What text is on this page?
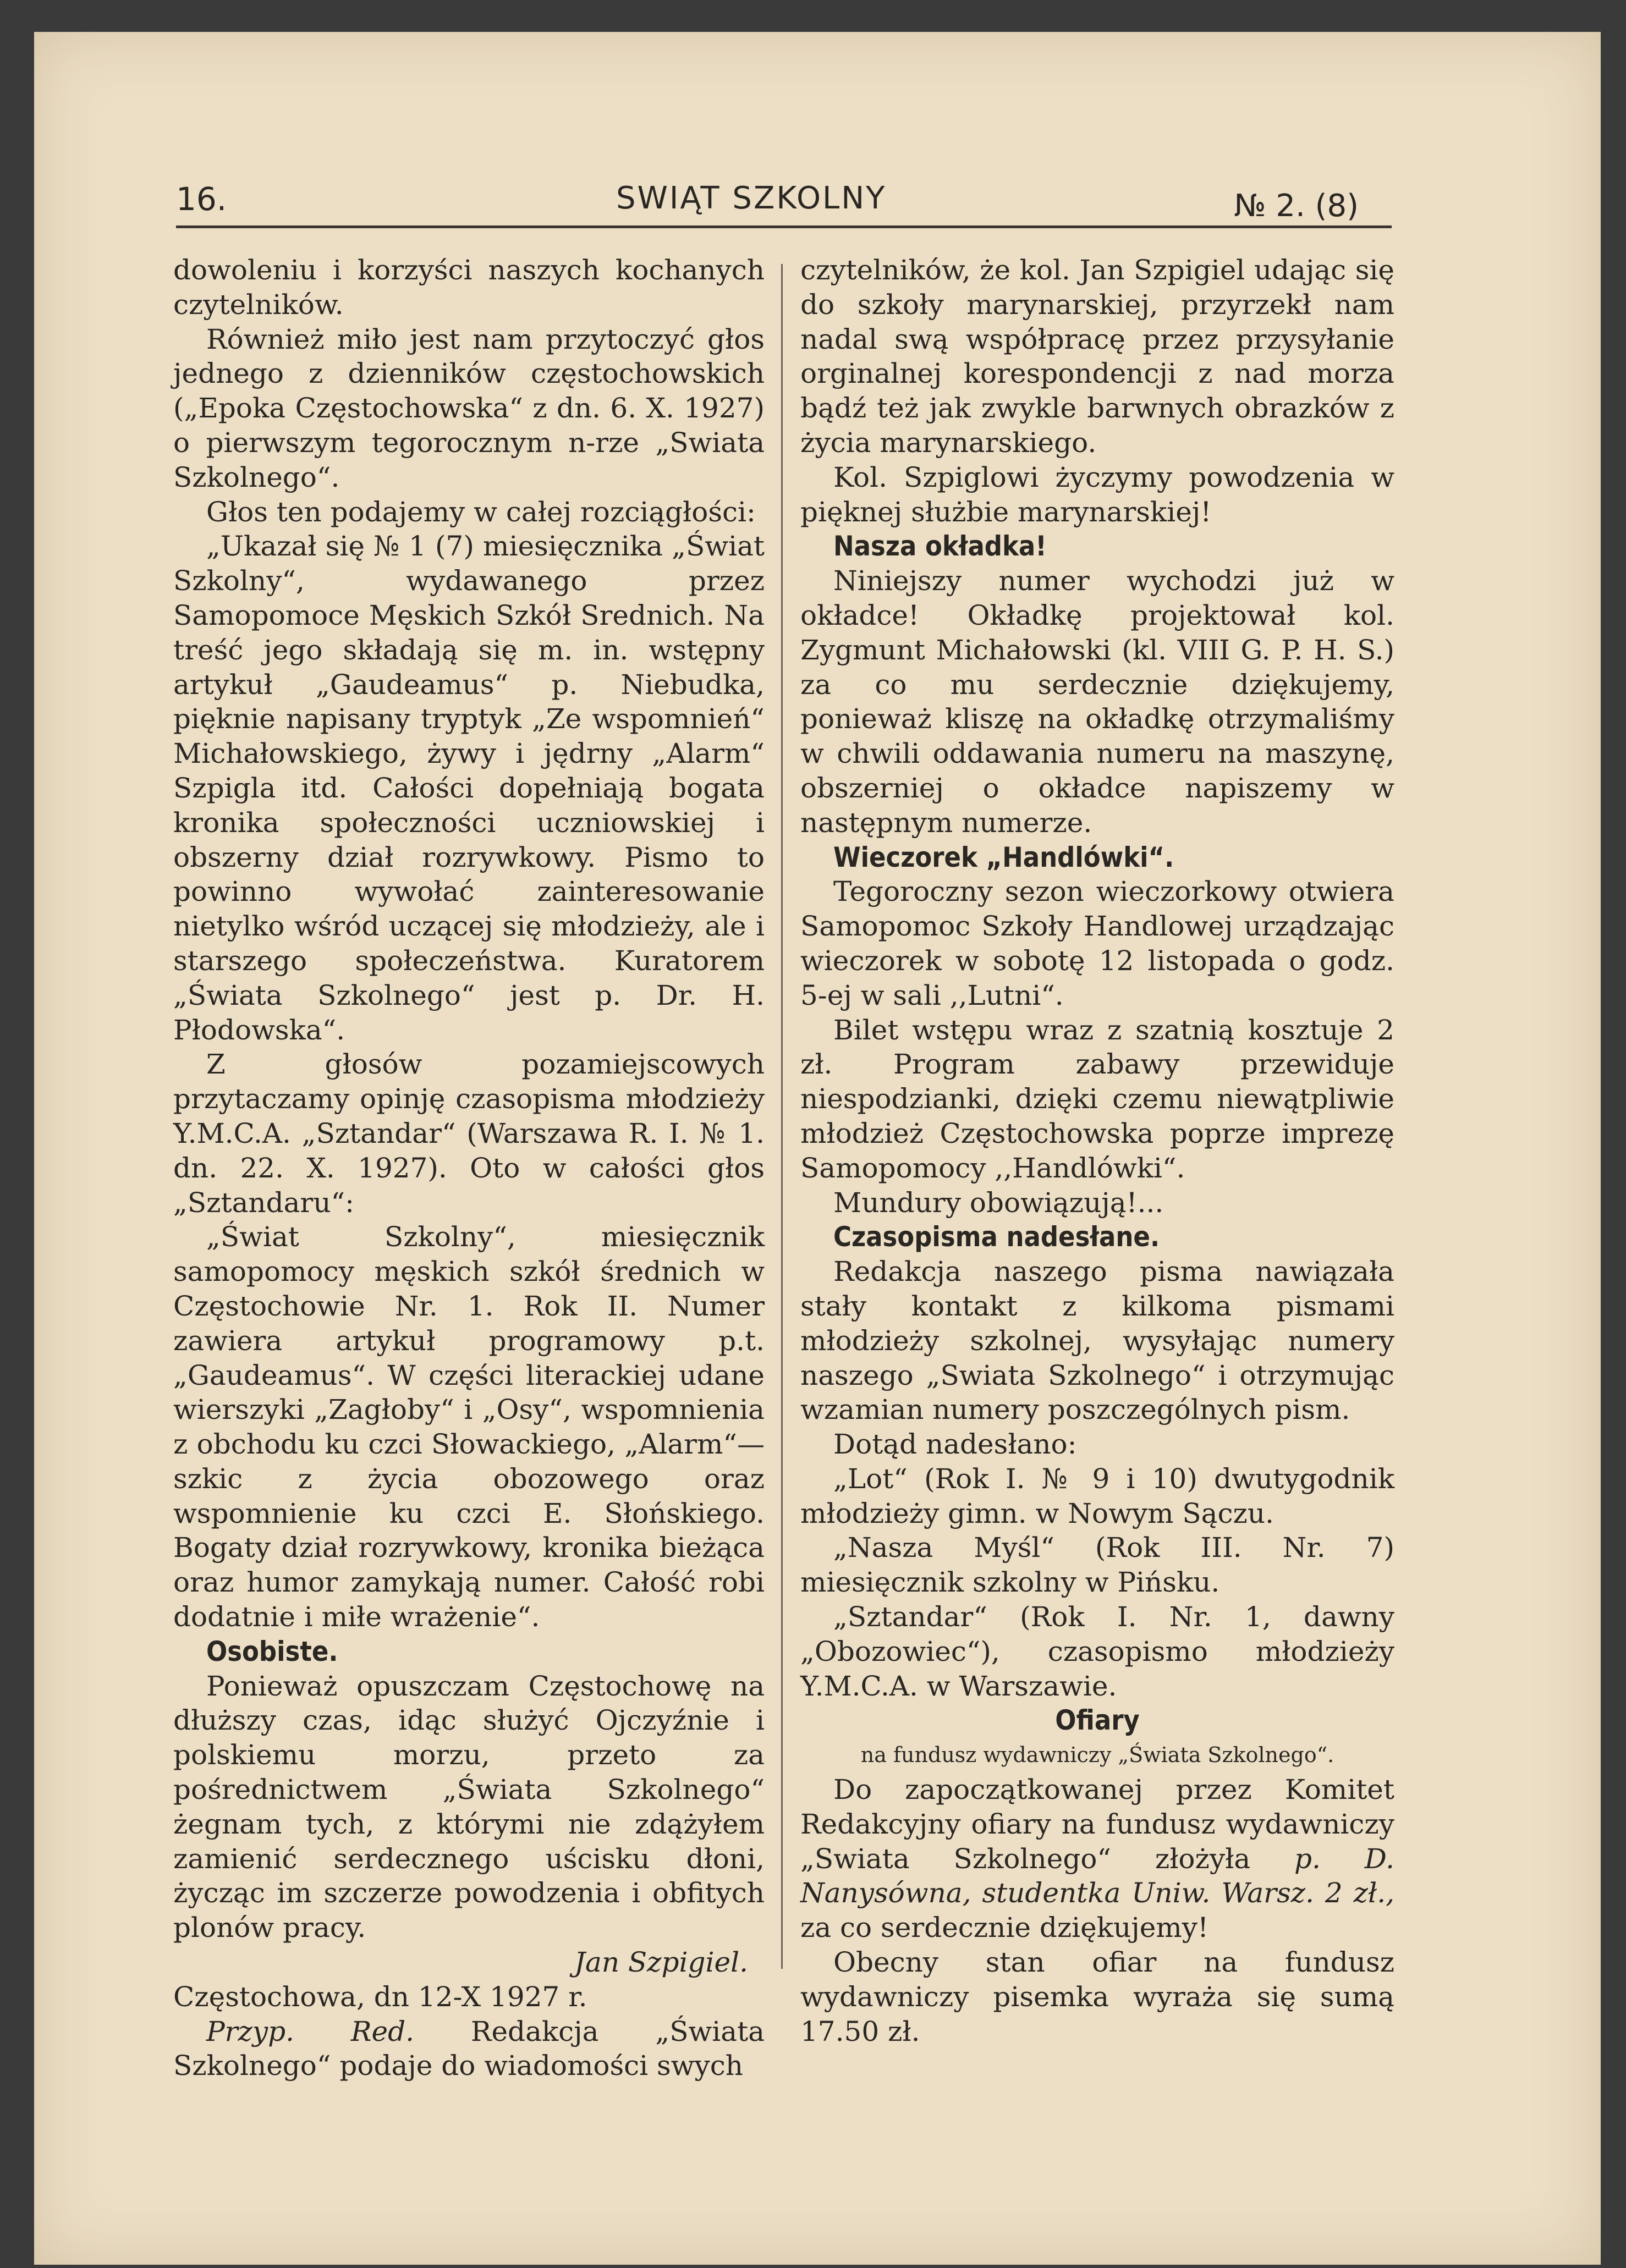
16.	SWIĄT SZKOLNY	№ 2. (8)

dowoleniu i korzyści naszych kochanych czytelników.

Również miło jest nam przytoczyć głos jednego z dzienników częstochowskich („Epoka Częstochowska“ z dn. 6. X. 1927) o pierwszym tegorocznym n-rze „Swiata Szkolnego“.

Głos ten podajemy w całej rozciągłości:

„Ukazał się № 1 (7) miesięcznika „Świat Szkolny“, wydawanego przez Samopomoce Męskich Szkół Srednich. Na treść jego składają się m. in. wstępny artykuł „Gaudeamus“ p. Niebudka, pięknie napisany tryptyk „Ze wspomnień“ Michałowskiego, żywy i jędrny „Alarm“ Szpigla itd. Całości dopełniają bogata kronika społeczności uczniowskiej i obszerny dział rozrywkowy. Pismo to powinno wywołać zainteresowanie nietylko wśród uczącej się młodzieży, ale i starszego społeczeństwa. Kuratorem „Świata Szkolnego“ jest p. Dr. H. Płodowska“.

Z głosów pozamiejscowych przytaczamy opinję czasopisma młodzieży Y.M.C.A. „Sztandar“ (Warszawa R. I. № 1. dn. 22. X. 1927). Oto w całości głos „Sztandaru“:

„Świat Szkolny“, miesięcznik samopomocy męskich szkół średnich w Częstochowie Nr. 1. Rok II. Numer zawiera artykuł programowy p.t. „Gaudeamus“. W części literackiej udane wierszyki „Zagłoby“ i „Osy“, wspomnienia z obchodu ku czci Słowackiego, „Alarm“— szkic z życia obozowego oraz wspomnienie ku czci E. Słońskiego. Bogaty dział rozrywkowy, kronika bieżąca oraz humor zamykają numer. Całość robi dodatnie i miłe wrażenie“.

Osobiste.

Ponieważ opuszczam Częstochowę na dłuższy czas, idąc służyć Ojczyźnie i polskiemu morzu, przeto za pośrednictwem „Świata Szkolnego“ żegnam tych, z którymi nie zdążyłem zamienić serdecznego uścisku dłoni, życząc im szczerze powodzenia i obfitych plonów pracy.

Jan Szpigiel.

Częstochowa, dn 12-X 1927 r.

Przyp. Red. Redakcja „Świata Szkolnego“ podaje do wiadomości swych

czytelników, że kol. Jan Szpigiel udając się do szkoły marynarskiej, przyrzekł nam nadal swą współpracę przez przysyłanie orginalnej korespondencji z nad morza bądź też jak zwykle barwnych obrazków z życia marynarskiego.

Kol. Szpiglowi życzymy powodzenia w pięknej służbie marynarskiej!

Nasza okładka!

Niniejszy numer wychodzi już w okładce! Okładkę projektował kol. Zygmunt Michałowski (kl. VIII G. P. H. S.) za co mu serdecznie dziękujemy, ponieważ kliszę na okładkę otrzymaliśmy w chwili oddawania numeru na maszynę, obszerniej o okładce napiszemy w następnym numerze.

Wieczorek „Handlówki“.

Tegoroczny sezon wieczorkowy otwiera Samopomoc Szkoły Handlowej urządzając wieczorek w sobotę 12 listopada o godz. 5-ej w sali ,,Lutni“.

Bilet wstępu wraz z szatnią kosztuje 2 zł. Program zabawy przewiduje niespodzianki, dzięki czemu niewątpliwie młodzież Częstochowska poprze imprezę Samopomocy ,,Handlówki“.

Mundury obowiązują!...

Czasopisma nadesłane.

Redakcja naszego pisma nawiązała stały kontakt z kilkoma pismami młodzieży szkolnej, wysyłając numery naszego „Swiata Szkolnego“ i otrzymując wzamian numery poszczególnych pism.

Dotąd nadesłano:

„Lot“ (Rok I. № 9 i 10) dwutygodnik młodzieży gimn. w Nowym Sączu.

„Nasza Myśl“ (Rok III. Nr. 7) miesięcznik szkolny w Pińsku.

„Sztandar“ (Rok I. Nr. 1, dawny „Obozowiec“), czasopismo młodzieży Y.M.C.A. w Warszawie.

Ofiary

na fundusz wydawniczy „Świata Szkolnego“.

Do zapoczątkowanej przez Komitet Redakcyjny ofiary na fundusz wydawniczy „Swiata Szkolnego“ złożyła p. D. Nanysówna, studentka Uniw. Warsz. 2 zł., za co serdecznie dziękujemy!

Obecny stan ofiar na fundusz wydawniczy pisemka wyraża się sumą 17.50 zł.
